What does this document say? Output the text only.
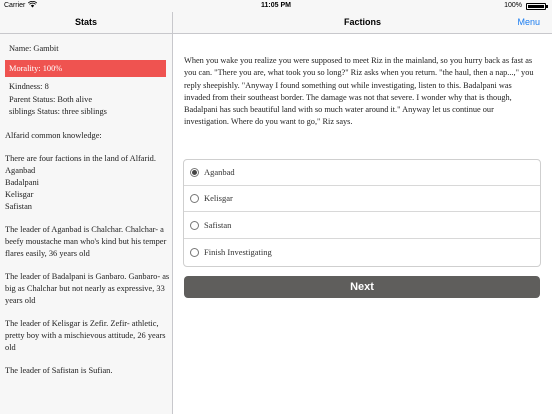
Carrier	11:05 PM	100%
Stats	Factions	Menu
Name: Gambit
Morality: 100%
Kindness: 8
Parent Status: Both alive
siblings Status: three siblings

Alfarid common knowledge:

There are four factions in the land of Alfarid.
Aganbad
Badalpani
Kelisgar
Safistan

The leader of Aganbad is Chalchar. Chalchar- a beefy moustache man who's kind but his temper flares easily, 36 years old

The leader of Badalpani is Ganbaro. Ganbaro- as big as Chalchar but not nearly as expressive, 33 years old

The leader of Kelisgar is Zefir. Zefir- athletic, pretty boy with a mischievous attitude, 26 years old

The leader of Safistan is Sufian.

When you wake you realize you were supposed to meet Riz in the mainland, so you hurry back as fast as you can. "There you are, what took you so long?" Riz asks when you return. "the haul, then a nap...," you reply sheepishly. "Anyway I found something out while investigating, listen to this. Badalpani was invaded from their southeast border. The damage was not that severe. I wonder why that is though, Badalpani has such beautiful land with so much water around it." Anyway let us continue our investigation. Where do you want to go," Riz says.
Aganbad
Kelisgar
Safistan
Finish Investigating
Next
